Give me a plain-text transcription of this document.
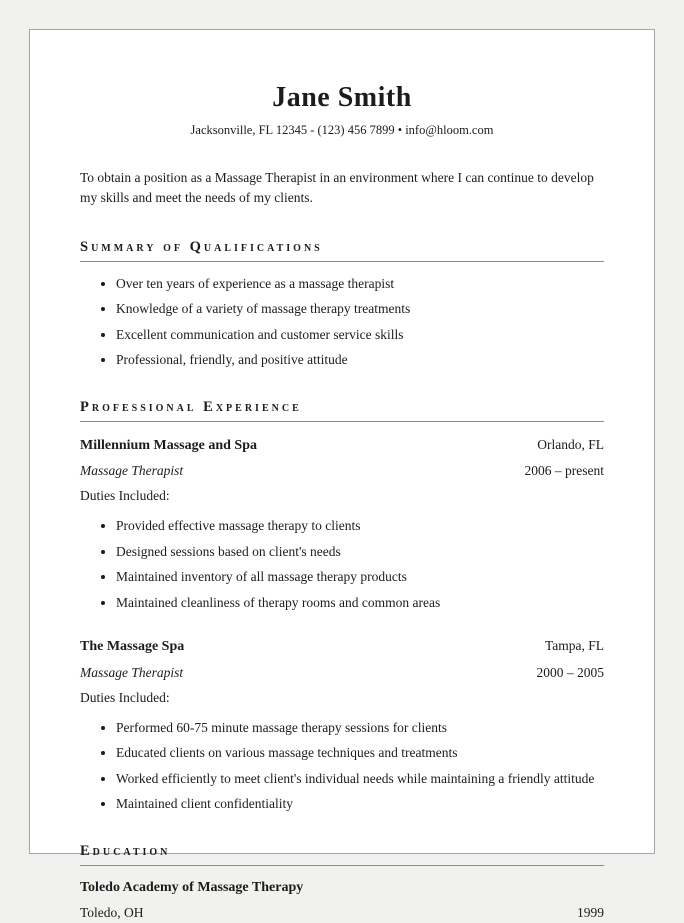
Jane Smith
Jacksonville, FL 12345 - (123) 456 7899 • info@hloom.com

To obtain a position as a Massage Therapist in an environment where I can continue to develop my skills and meet the needs of my clients.

Summary of Qualifications
• Over ten years of experience as a massage therapist
• Knowledge of a variety of massage therapy treatments
• Excellent communication and customer service skills
• Professional, friendly, and positive attitude
Professional Experience
Millennium Massage and Spa	Orlando, FL
Massage Therapist	2006 – present
Duties Included:
• Provided effective massage therapy to clients
• Designed sessions based on client's needs
• Maintained inventory of all massage therapy products
• Maintained cleanliness of therapy rooms and common areas
The Massage Spa	Tampa, FL
Massage Therapist	2000 – 2005
Duties Included:
• Performed 60-75 minute massage therapy sessions for clients
• Educated clients on various massage techniques and treatments
• Worked efficiently to meet client's individual needs while maintaining a friendly attitude
• Maintained client confidentiality
Education
Toledo Academy of Massage Therapy
Toledo, OH	1999
